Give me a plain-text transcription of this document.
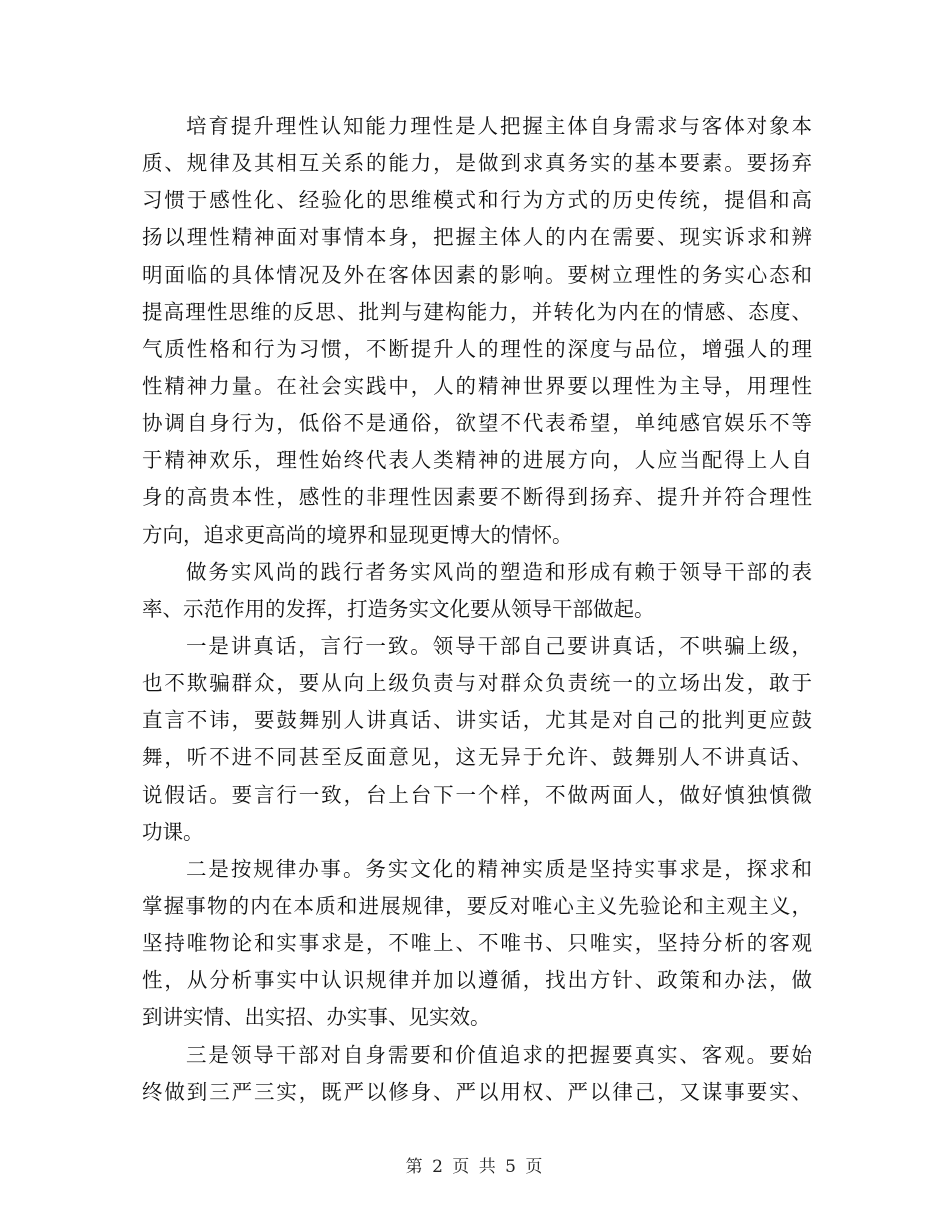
培育提升理性认知能力理性是人把握主体自身需求与客体对象本
质、规律及其相互关系的能力，是做到求真务实的基本要素。要扬弃
习惯于感性化、经验化的思维模式和行为方式的历史传统，提倡和高
扬以理性精神面对事情本身，把握主体人的内在需要、现实诉求和辨
明面临的具体情况及外在客体因素的影响。要树立理性的务实心态和
提高理性思维的反思、批判与建构能力，并转化为内在的情感、态度、
气质性格和行为习惯，不断提升人的理性的深度与品位，增强人的理
性精神力量。在社会实践中，人的精神世界要以理性为主导，用理性
协调自身行为，低俗不是通俗，欲望不代表希望，单纯感官娱乐不等
于精神欢乐，理性始终代表人类精神的进展方向，人应当配得上人自
身的高贵本性，感性的非理性因素要不断得到扬弃、提升并符合理性
方向，追求更高尚的境界和显现更博大的情怀。
做务实风尚的践行者务实风尚的塑造和形成有赖于领导干部的表
率、示范作用的发挥，打造务实文化要从领导干部做起。
一是讲真话，言行一致。领导干部自己要讲真话，不哄骗上级，
也不欺骗群众，要从向上级负责与对群众负责统一的立场出发，敢于
直言不讳，要鼓舞别人讲真话、讲实话，尤其是对自己的批判更应鼓
舞，听不进不同甚至反面意见，这无异于允许、鼓舞别人不讲真话、
说假话。要言行一致，台上台下一个样，不做两面人，做好慎独慎微
功课。
二是按规律办事。务实文化的精神实质是坚持实事求是，探求和
掌握事物的内在本质和进展规律，要反对唯心主义先验论和主观主义，
坚持唯物论和实事求是，不唯上、不唯书、只唯实，坚持分析的客观
性，从分析事实中认识规律并加以遵循，找出方针、政策和办法，做
到讲实情、出实招、办实事、见实效。
三是领导干部对自身需要和价值追求的把握要真实、客观。要始
终做到三严三实，既严以修身、严以用权、严以律己，又谋事要实、
第 2 页 共 5 页
